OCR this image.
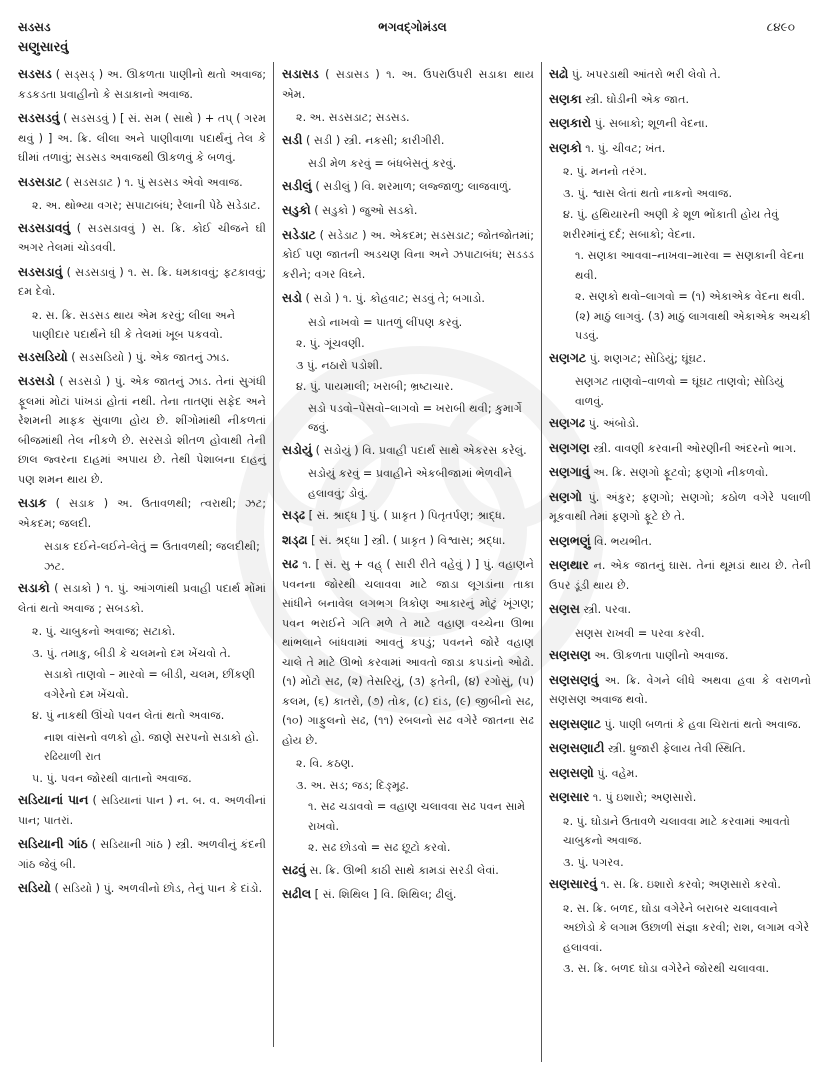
સડસડ
સણુસારવું
ભગવદ્ગોમંડલ	૮૪૯૦

સડસડ ( સડ્સડ્ ) અ. ઊકળતા પાણીનો થતો અવાજ; કડકડતા પ્રવાહીનો કે સડાકાનો અવાજ.

સડસડવું ( સડસડવું ) [ સં. સમ ( સાથે ) + તપ્ ( ગરમ થવું ) ] અ. ક્રિ. લીલા અને પાણીવાળા પદાર્થનું તેલ કે ઘીમાં તળાવું; સડસડ અવાજથી ઊકળવું કે બળવું.

સડસડાટ ( સડસડાટ ) ૧. પું સડસડ એવો અવાજ.

૨. અ. થોભ્યા વગર; સપાટાબંધ; રેલાની પેઠે સડેડાટ.

સડસડાવવું ( સડસડાવવું ) સ. ક્રિ. કોઈ ચીજને ઘી અગર તેલમાં ચોડવવી.

સડસડાવું ( સડસડાવું ) ૧. સ. ક્રિ. ધમકાવવું; ફટકાવવું; દમ દેવો.

૨. સ. ક્રિ. સડસડ થાય એમ કરવું; લીલા અને પાણીદાર પદાર્થને ઘી કે તેલમાં ખૂબ પકવવો.

સડસડિયો ( સડસડિયો ) પું. એક જાતનું ઝાડ.

સડસડો ( સડસડો ) પું. એક જાતનું ઝાડ. તેનાં સુગંધી ફૂલમાં મોટાં પાંખડાં હોતાં નથી. તેના તાતણાં સફેદ અને રેશમની માફક સુંવાળા હોય છે. શીંગોમાંથી નીકળતાં બીજમાંથી તેલ નીકળે છે. સરસડો શીતળ હોવાથી તેની છાલ જ્વરના દાહમાં અપાય છે. તેથી પેશાબના દાહનું પણ શમન થાય છે.

સડાક ( સડાક ) અ. ઉતાવળથી; ત્વરાથી; ઝટ; એકદમ; જલદી.

સડાક દઈને-લઈને-લેતું = ઉતાવળથી; જલદીથી; ઝટ.

સડાકો ( સડાકો ) ૧. પું. આંગળાંથી પ્રવાહી પદાર્થ મોંમાં લેતાં થતો અવાજ ; સબડકો.

૨. પું. ચાબુકનો અવાજ; સટાકો.

૩. પું. તમાકુ, બીડી કે ચલમનો દમ ખેંચવો તે.

સડાકો તાણવો – મારવો = બીડી, ચલમ, છીંકણી વગેરેનો દમ ખેંચવો.

૪. પું નાકથી ઊંચો પવન લેતાં થતો અવાજ.

નાશ વાંસનો વળકો હો. જાણે સરપનો સડાકો હો. રઢિયાળી રાત

૫. પું. પવન જોરથી વાતાનો અવાજ.

સડિયાનાં પાન ( સડિયાનાં પાન ) ન. બ. વ. અળવીનાં પાન; પાતરાં.

સડિયાની ગાંઠ ( સડિયાની ગાંઠ ) સ્ત્રી. અળવીનું કંદની ગાંઠ જેવું બી.

સડિયો ( સડિયો ) પું. અળવીનો છોડ, તેનું પાન કે દાંડો.

સડાસડ ( સડાસડ ) ૧. અ. ઉપરાઉપરી સડાકા થાય એમ.

૨. અ. સડસડાટ; સડસડ.

સડી ( સડી ) સ્ત્રી. નકસી; કારીગીરી.

સડી મેળ કરવું = બંધબેસતું કરવું.

સડીલું ( સડીલું ) વિ. શરમાળ; લજ્જાળુ; લાજવાળું.

સડુકો ( સડુકો ) જુઓ સડકો.

સડેડાટ ( સડેડાટ ) અ. એકદમ; સડસડાટ; જોતજોતમાં; કોઈ પણ જાતની અડચણ વિના અને ઝપાટાબંધ; સડડડ કરીને; વગર વિઘ્ને.

સડો ( સડો ) ૧. પું. કોહવાટ; સડવું તે; બગાડો.

સડો નાખવો = પાતળું લીંપણ કરવું.

૨. પું. ગૂંચવણી.

૩ પું. નઠારો પડોશી.

૪. પું. પાયમાલી; ખરાબી; ભ્રષ્ટાચાર.

સડો પડવો–પેસવો–લાગવો = ખરાબી થવી; કુમાર્ગે જવું.

સડોયું ( સડોયું ) વિ. પ્રવાહી પદાર્થ સાથે એકરસ કરેલું.

સડોયું કરવું = પ્રવાહીને એકબીજામાં ભેળવીને હલાવવું; ડોવું.

સડ્ઢ [ સં. શ્રાદ્ધ ] પું. ( પ્રાકૃત ) પિતૃતર્પણ; શ્રાદ્ધ.

શડ્ઢા [ સં. શ્રદ્ધા ] સ્ત્રી. ( પ્રાકૃત ) વિશ્વાસ; શ્રદ્ધા.

સઢ ૧. [ સં. સુ + વહ્ ( સારી રીતે વહેવું ) ] પું. વહાણને પવનના જોરથી ચલાવવા માટે જાડા લૂગડાંના તાકા સાંધીને બનાવેલ લગભગ ત્રિકોણ આકારનું મોટું ખૂંગણ; પવન ભરાઈને ગતિ મળે તે માટે વહાણ વચ્ચેના ઊભા થાંભલાને બાંધવામાં આવતું કપડું; પવનને જોરે વહાણ ચાલે તે માટે ઊભો કરવામાં આવતો જાડા કપડાંનો ઓઢો. (૧) મોટો સઢ, (૨) તેસરિયું, (૩) ફતેની, (૪) રગોસું, (૫) કલમ, (૬) કાતરો, (૭) તોક, (૮) દાંડ, (૯) જીબીનો સઢ, (૧૦) ગાફુલનો સઢ, (૧૧) રબલનો સઢ વગેરે જાતના સઢ હોય છે.

૨. વિ. કઠણ.

૩. અ. સડ; જડ; દિઙ્મૂઢ.

૧. સઢ ચડાવવો = વહાણ ચલાવવા સઢ પવન સામે રાખવો.

૨. સઢ છોડવો = સઢ છૂટો કરવો.

સઢવું સ. ક્રિ. ઊભી કાઠી સાથે કામડાં સરડી લેવાં.

સઢીલ [ સં. શિથિલ ] વિ. શિથિલ; ઢીલું.

સઢો પું. ખપરડાથી આંતરો ભરી લેવો તે.

સણકા સ્ત્રી. ઘોડીની એક જાત.

સણકારો પું. સબાકો; શૂળની વેદના.

સણકો ૧. પું. ચીવટ; ખંત.

૨. પું. મનનો તરંગ.

૩. પું. શ્વાસ લેતાં થતો નાકનો અવાજ.

૪. પું. હથિયારની અણી કે શૂળ ભોંકાતી હોય તેવું શરીરમાંનું દર્દ; સબાકો; વેદના.

૧. સણકા આવવા–નાખવા–મારવા = સણકાની વેદના થવી.

૨. સણકો થવો–લાગવો = (૧) એકાએક વેદના થવી. (૨) માઠું લાગવું. (૩) માઠું લાગવાથી એકાએક અચકી પડવું.

સણગટ પું. શણગટ; સોડિયું; ઘૂંઘટ.

સણગટ તાણવો–વાળવો = ઘૂંઘટ તાણવો; સોડિયું વાળવું.

સણગઢ પું. અંબોડો.

સણગણ સ્ત્રી. વાવણી કરવાની ઓરણીની અંદરનો ભાગ.

સણગાવું અ. ક્રિ. સણગો ફૂટવો; ફણગો નીકળવો.

સણગો પું. અંકુર; ફણગો; સણગો; કઠોળ વગેરે પલાળી મૂકવાથી તેમાં ફણગો ફૂટે છે તે.

સણભણું વિ. ભયભીત.

સણથાર ન. એક જાતનું ઘાસ. તેનાં થૂમડાં થાય છે. તેની ઉપર ડૂંડી થાય છે.

સણસ સ્ત્રી. પરવા.

સણસ રાખવી = પરવા કરવી.

સણસણ અ. ઊકળતા પાણીનો અવાજ.

સણસણવું અ. ક્રિ. વેગને લીધે અથવા હવા કે વરાળનો સણસણ અવાજ થવો.

સણસણાટ પું. પાણી બળતાં કે હવા ચિરાતાં થતો અવાજ.

સણસણાટી સ્ત્રી. ધ્રુજારી ફેલાય તેવી સ્થિતિ.

સણસણો પું. વહેમ.

સણસાર ૧. પું ઇશારો; અણસારો.

૨. પું. ઘોડાને ઉતાવળે ચલાવવા માટે કરવામાં આવતો ચાબુકનો અવાજ.

૩. પું. પગરવ.

સણસારવું ૧. સ. ક્રિ. ઇશારો કરવો; અણસારો કરવો.

૨. સ. ક્રિ. બળદ, ઘોડા વગેરેને બરાબર ચલાવવાને અછોડો કે લગામ ઉછાળી સંજ્ઞા કરવી; રાશ, લગામ વગેરે હલાવવાં.

૩. સ. ક્રિ. બળદ ઘોડા વગેરેને જોરથી ચલાવવા.
